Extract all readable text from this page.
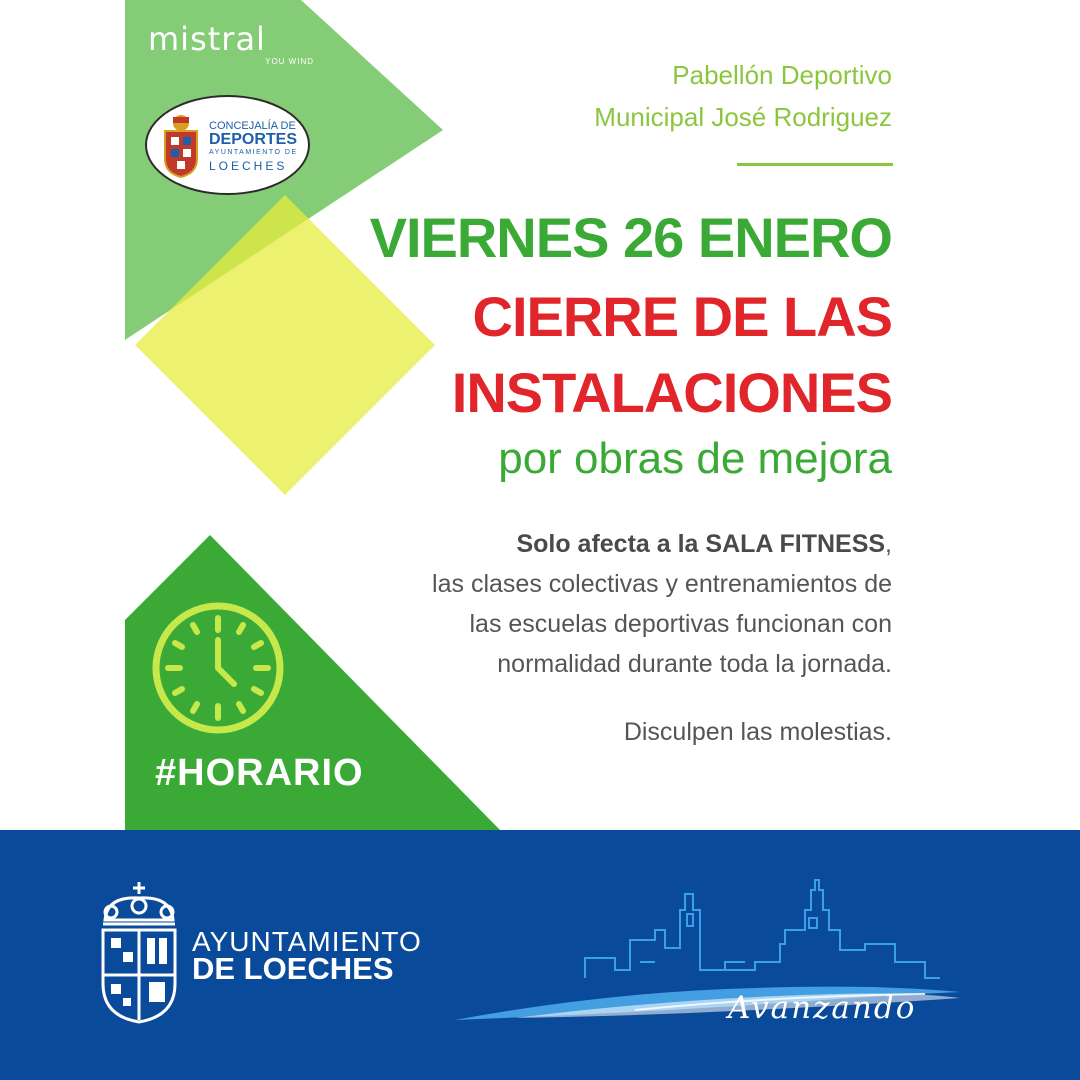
mistral
YOU WIND
CONCEJALÍA DE
DEPORTES
AYUNTAMIENTO DE
LOECHES
Pabellón Deportivo
Municipal José Rodriguez
VIERNES 26 ENERO
CIERRE DE LAS
INSTALACIONES
por obras de mejora
Solo afecta a la SALA FITNESS,
las clases colectivas y entrenamientos de
las escuelas deportivas funcionan con
normalidad durante toda la jornada.
Disculpen las molestias.
#HORARIO
AYUNTAMIENTO
DE LOECHES
Avanzando
